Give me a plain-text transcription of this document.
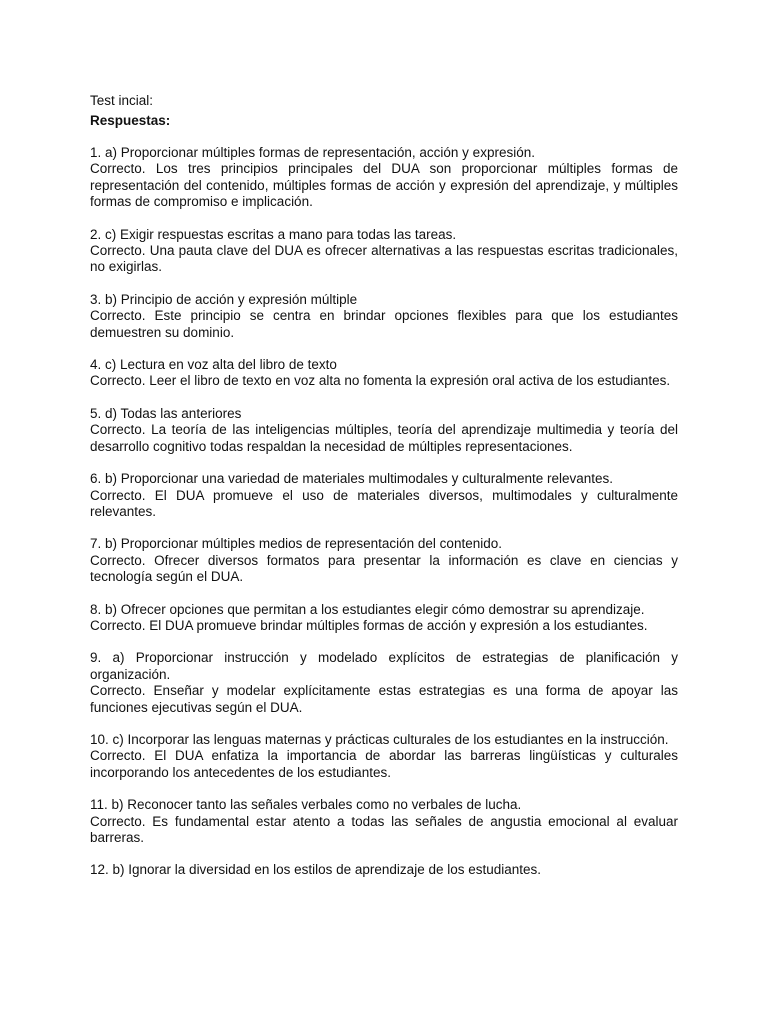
Test incial:

Respuestas:

1. a) Proporcionar múltiples formas de representación, acción y expresión.

Correcto. Los tres principios principales del DUA son proporcionar múltiples formas de representación del contenido, múltiples formas de acción y expresión del aprendizaje, y múltiples formas de compromiso e implicación.

2. c) Exigir respuestas escritas a mano para todas las tareas.

Correcto. Una pauta clave del DUA es ofrecer alternativas a las respuestas escritas tradicionales, no exigirlas.

3. b) Principio de acción y expresión múltiple

Correcto. Este principio se centra en brindar opciones flexibles para que los estudiantes demuestren su dominio.

4. c) Lectura en voz alta del libro de texto

Correcto. Leer el libro de texto en voz alta no fomenta la expresión oral activa de los estudiantes.

5. d) Todas las anteriores

Correcto. La teoría de las inteligencias múltiples, teoría del aprendizaje multimedia y teoría del desarrollo cognitivo todas respaldan la necesidad de múltiples representaciones.

6. b) Proporcionar una variedad de materiales multimodales y culturalmente relevantes.

Correcto. El DUA promueve el uso de materiales diversos, multimodales y culturalmente relevantes.

7. b) Proporcionar múltiples medios de representación del contenido.

Correcto. Ofrecer diversos formatos para presentar la información es clave en ciencias y tecnología según el DUA.

8. b) Ofrecer opciones que permitan a los estudiantes elegir cómo demostrar su aprendizaje.

Correcto. El DUA promueve brindar múltiples formas de acción y expresión a los estudiantes.

9. a) Proporcionar instrucción y modelado explícitos de estrategias de planificación y organización.

Correcto. Enseñar y modelar explícitamente estas estrategias es una forma de apoyar las funciones ejecutivas según el DUA.

10. c) Incorporar las lenguas maternas y prácticas culturales de los estudiantes en la instrucción.

Correcto. El DUA enfatiza la importancia de abordar las barreras lingüísticas y culturales incorporando los antecedentes de los estudiantes.

11. b) Reconocer tanto las señales verbales como no verbales de lucha.

Correcto. Es fundamental estar atento a todas las señales de angustia emocional al evaluar barreras.

12. b) Ignorar la diversidad en los estilos de aprendizaje de los estudiantes.
